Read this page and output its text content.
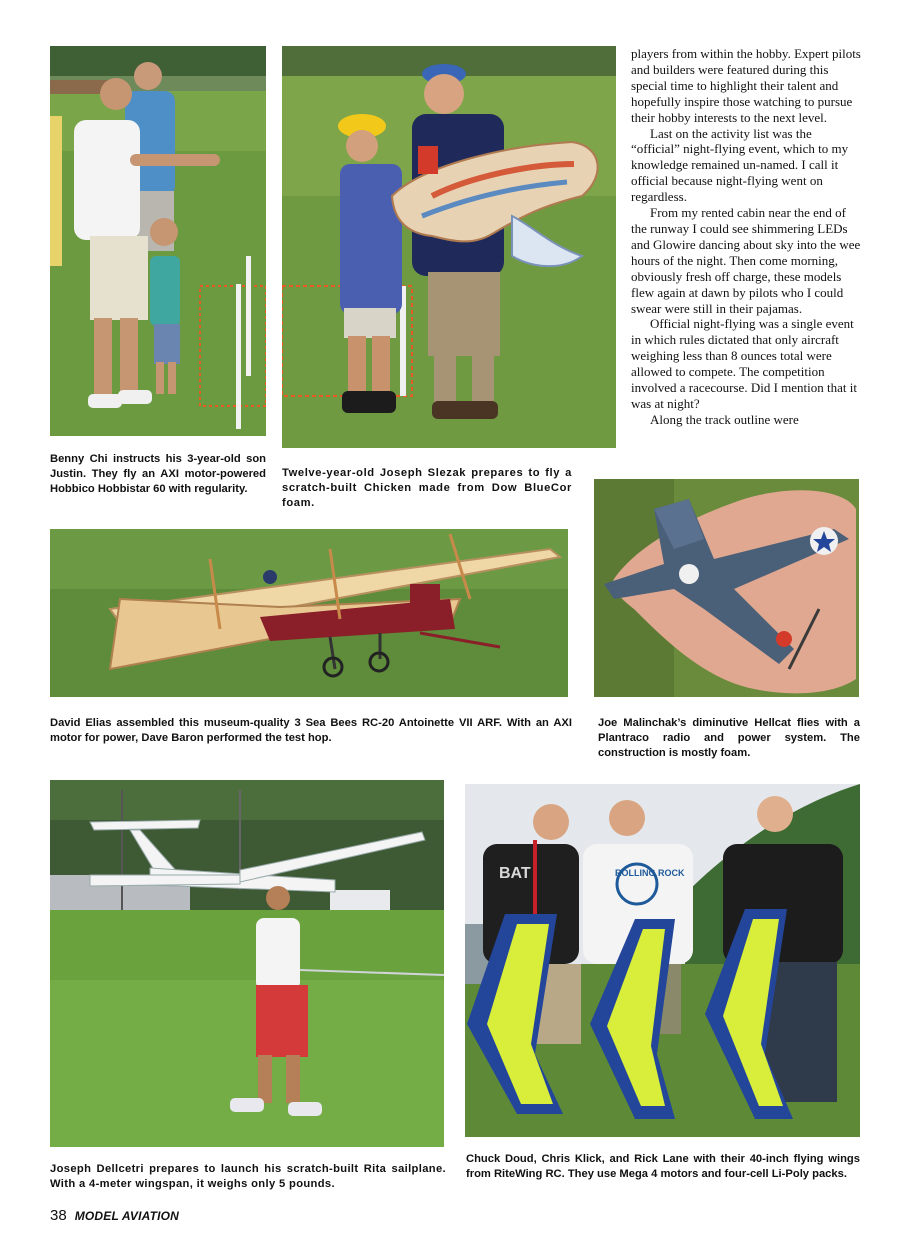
players from within the hobby. Expert pilots and builders were featured during this special time to highlight their talent and hopefully inspire those watching to pursue their hobby interests to the next level.

Last on the activity list was the “official” night-flying event, which to my knowledge remained un-named. I call it official because night-flying went on regardless.

From my rented cabin near the end of the runway I could see shimmering LEDs and Glowire dancing about sky into the wee hours of the night. Then come morning, obviously fresh off charge, these models flew again at dawn by pilots who I could swear were still in their pajamas.

Official night-flying was a single event in which rules dictated that only aircraft weighing less than 8 ounces total were allowed to compete. The competition involved a racecourse. Did I mention that it was at night?

Along the track outline were

Benny Chi instructs his 3-year-old son Justin. They fly an AXI motor-powered Hobbico Hobbistar 60 with regularity.
Twelve-year-old Joseph Slezak prepares to fly a scratch-built Chicken made from Dow BlueCor foam.
David Elias assembled this museum-quality 3 Sea Bees RC-20 Antoinette VII ARF. With an AXI motor for power, Dave Baron performed the test hop.
Joe Malinchak’s diminutive Hellcat flies with a Plantraco radio and power system. The construction is mostly foam.
BAT	ROLLING ROCK
Joseph Dellcetri prepares to launch his scratch-built Rita sailplane. With a 4-meter wingspan, it weighs only 5 pounds.
Chuck Doud, Chris Klick, and Rick Lane with their 40-inch flying wings from RiteWing RC. They use Mega 4 motors and four-cell Li-Poly packs.
38 MODEL AVIATION
